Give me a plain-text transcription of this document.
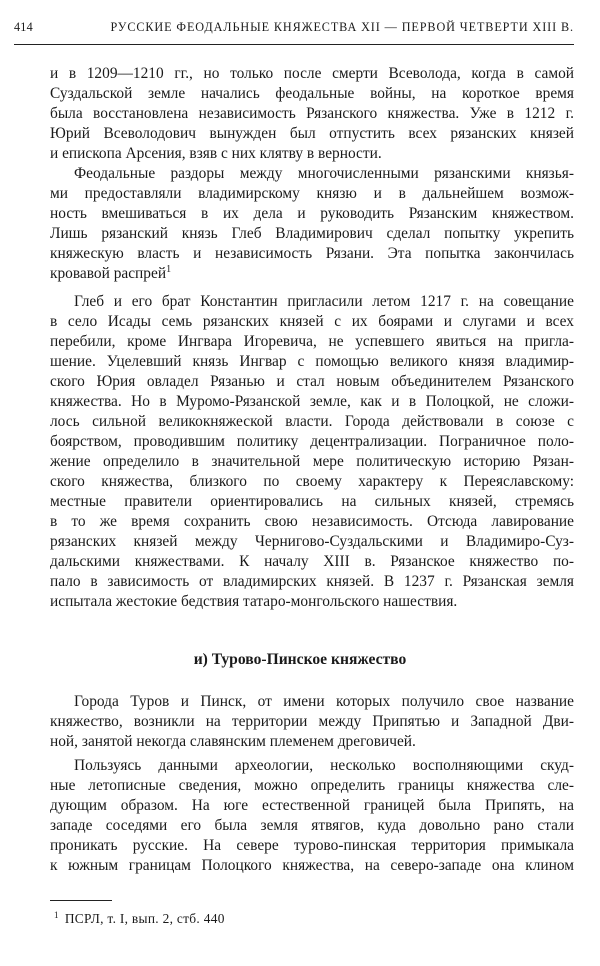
414	РУССКИЕ ФЕОДАЛЬНЫЕ КНЯЖЕСТВА XII — ПЕРВОЙ ЧЕТВЕРТИ XIII В.
и в 1209—1210 гг., но только после смерти Всеволода, когда в самой
Суздальской земле начались феодальные войны, на короткое время
была восстановлена независимость Рязанского княжества. Уже в 1212 г.
Юрий Всеволодович вынужден был отпустить всех рязанских князей
и епископа Арсения, взяв с них клятву в верности.
Феодальные раздоры между многочисленными рязанскими князья-
ми предоставляли владимирскому князю и в дальнейшем возмож-
ность вмешиваться в их дела и руководить Рязанским княжеством.
Лишь рязанский князь Глеб Владимирович сделал попытку укрепить
княжескую власть и независимость Рязани. Эта попытка закончилась
кровавой распрей$^1$
Глеб и его брат Константин пригласили летом 1217 г. на совещание
в село Исады семь рязанских князей с их боярами и слугами и всех
перебили, кроме Ингвара Игоревича, не успевшего явиться на пригла-
шение. Уцелевший князь Ингвар с помощью великого князя владимир-
ского Юрия овладел Рязанью и стал новым объединителем Рязанского
княжества. Но в Муромо-Рязанской земле, как и в Полоцкой, не сложи-
лось сильной великокняжеской власти. Города действовали в союзе с
боярством, проводившим политику децентрализации. Пограничное поло-
жение определило в значительной мере политическую историю Рязан-
ского княжества, близкого по своему характеру к Переяславскому:
местные правители ориентировались на сильных князей, стремясь
в то же время сохранить свою независимость. Отсюда лавирование
рязанских князей между Чернигово-Суздальскими и Владимиро-Суз-
дальскими княжествами. К началу XIII в. Рязанское княжество по-
пало в зависимость от владимирских князей. В 1237 г. Рязанская земля
испытала жестокие бедствия татаро-монгольского нашествия.
и) Турово-Пинское княжество
Города Туров и Пинск, от имени которых получило свое название
княжество, возникли на территории между Припятью и Западной Дви-
ной, занятой некогда славянским племенем дреговичей.
Пользуясь данными археологии, несколько восполняющими скуд-
ные летописные сведения, можно определить границы княжества сле-
дующим образом. На юге естественной границей была Припять, на
западе соседями его была земля ятвягов, куда довольно рано стали
проникать русские. На севере турово-пинская территория примыкала
к южным границам Полоцкого княжества, на северо-западе она клином
$^1$ ПСРЛ, т. I, вып. 2, стб. 440
